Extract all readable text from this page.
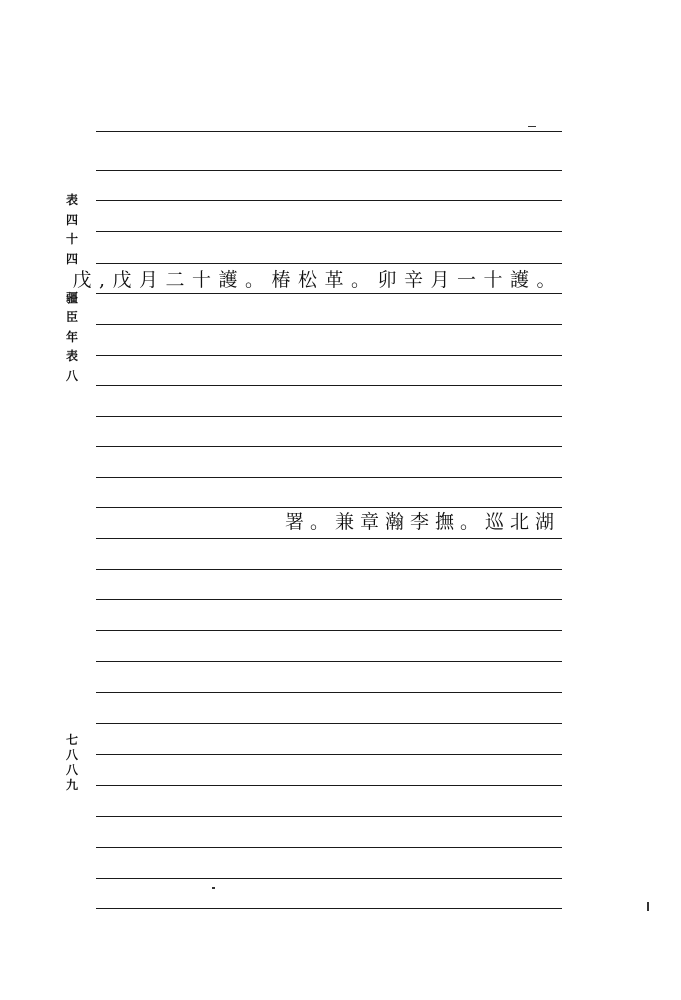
表
四
十
四

疆
臣
年
表
八
七
八
八
九
戊,戊月二十護。椿松革。卯辛月一十護。
署。兼章瀚李撫。巡北湖
